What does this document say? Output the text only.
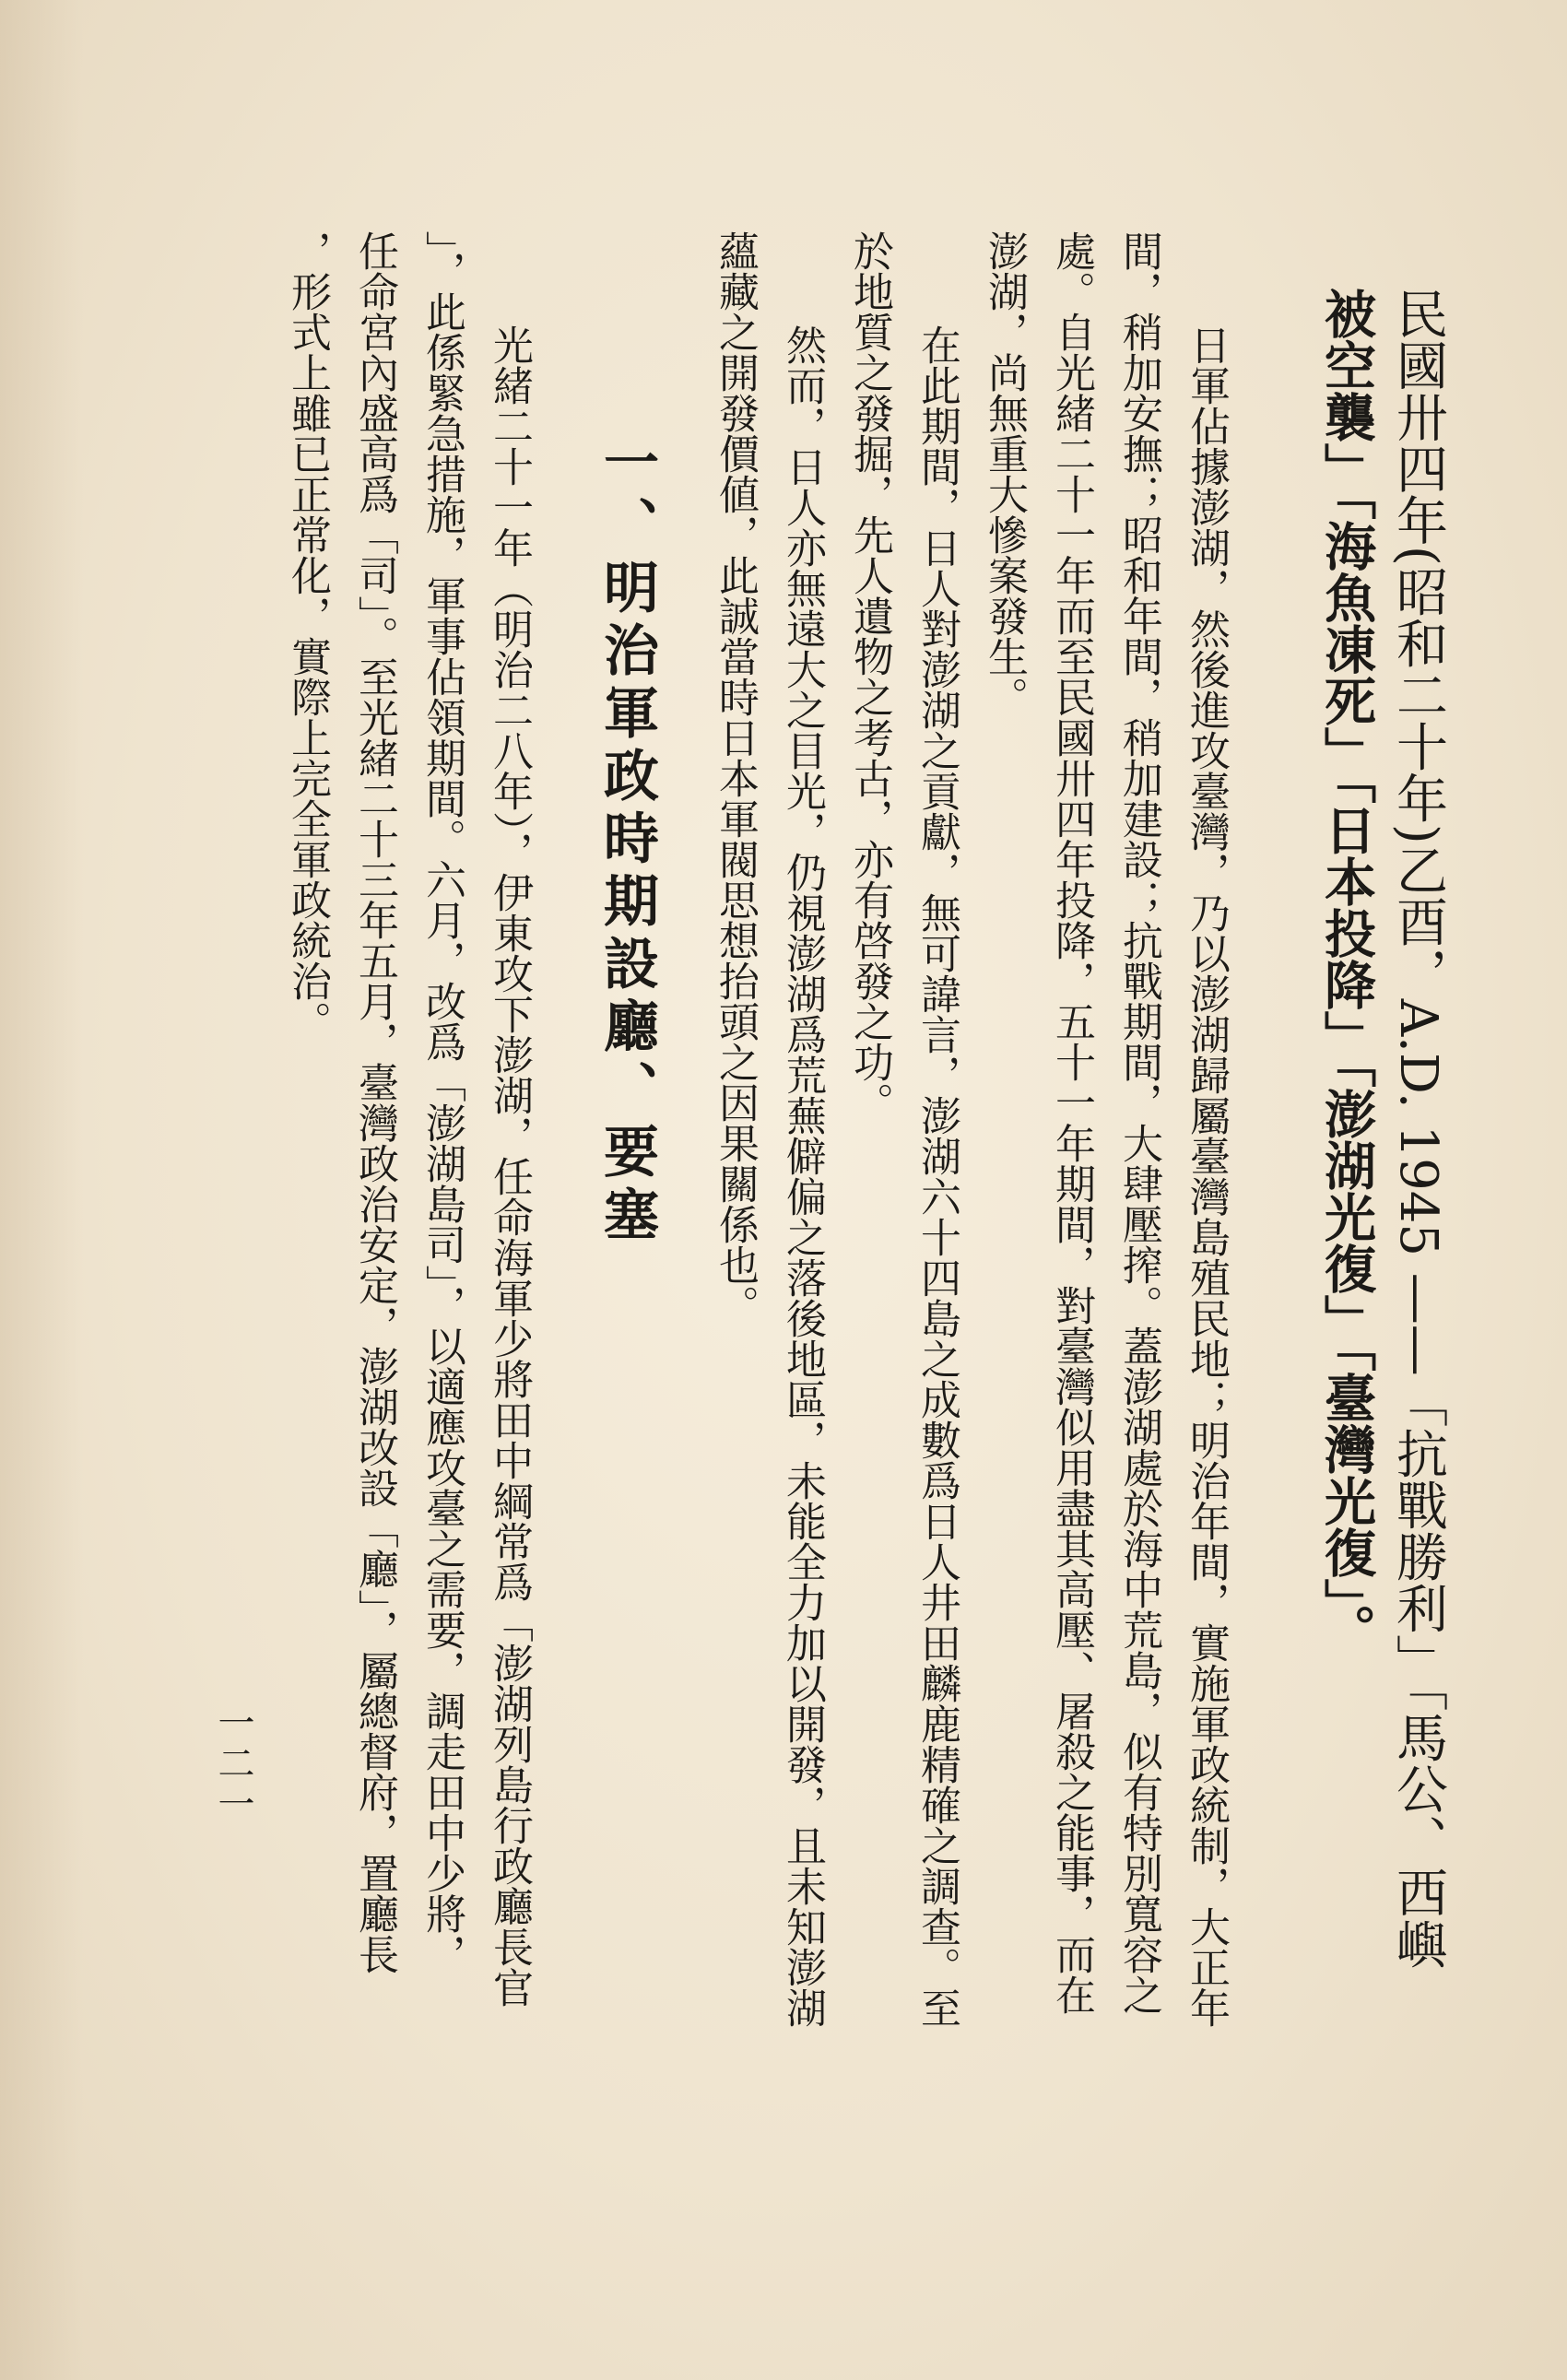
民國卅四年(昭和二十年)乙酉，A.D. 1945 ——「抗戰勝利」「馬公、西嶼
被空襲」「海魚凍死」「日本投降」「澎湖光復」「臺灣光復」。
日軍佔據澎湖，然後進攻臺灣，乃以澎湖歸屬臺灣島殖民地；明治年間，實施軍政統制，大正年
間，稍加安撫；昭和年間，稍加建設；抗戰期間，大肆壓搾。蓋澎湖處於海中荒島，似有特別寬容之
處。自光緒二十一年而至民國卅四年投降，五十一年期間，對臺灣似用盡其高壓、屠殺之能事，而在
澎湖，尚無重大慘案發生。
在此期間，日人對澎湖之貢獻，無可諱言，澎湖六十四島之成數爲日人井田麟鹿精確之調查。至
於地質之發掘，先人遺物之考古，亦有啓發之功。
然而，日人亦無遠大之目光，仍視澎湖爲荒蕪僻偏之落後地區，未能全力加以開發，且未知澎湖
蘊藏之開發價値，此誠當時日本軍閥思想抬頭之因果關係也。
一、明治軍政時期設廳、要塞
光緒二十一年（明治二八年），伊東攻下澎湖，任命海軍少將田中綱常爲「澎湖列島行政廳長官
」，此係緊急措施，軍事佔領期間。六月，改爲「澎湖島司」，以適應攻臺之需要，調走田中少將，
任命宮內盛高爲「司」。至光緒二十三年五月，臺灣政治安定，澎湖改設「廳」，屬總督府，置廳長
，形式上雖已正常化，實際上完全軍政統治。
一二一
